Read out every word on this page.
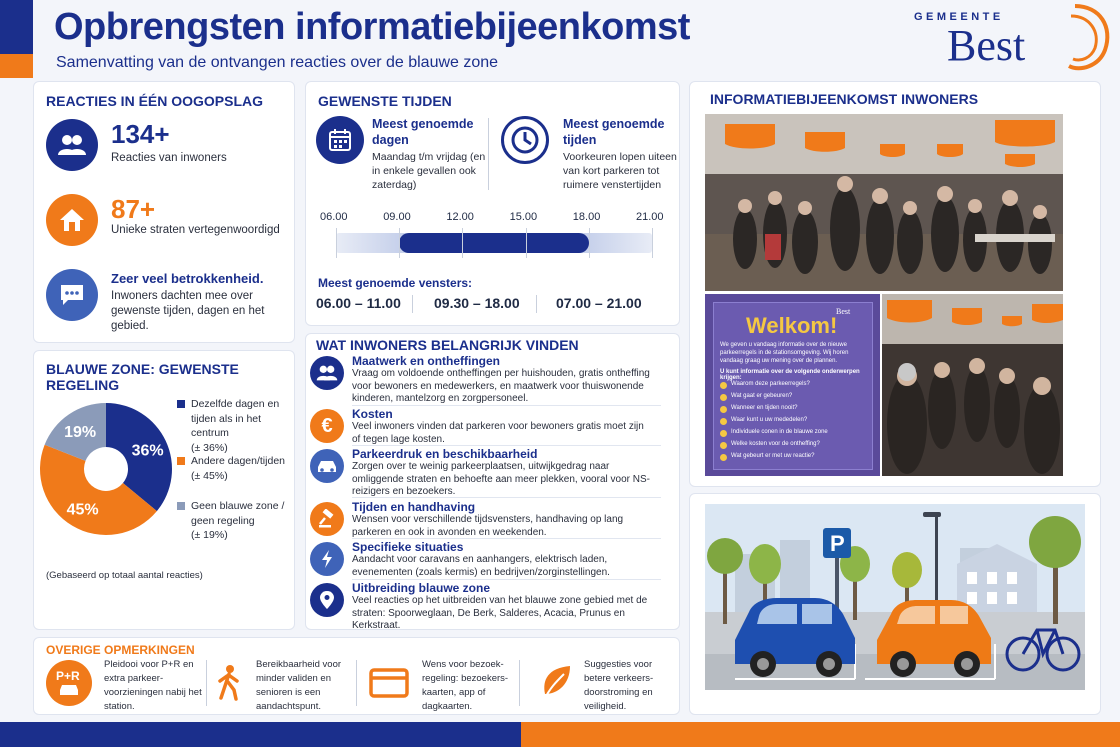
Opbrengsten informatiebijeenkomst
Samenvatting van de ontvangen reacties over de blauwe zone
GEMEENTE
Best
REACTIES IN ÉÉN OOGOPSLAG
134+
Reacties van inwoners
87+
Unieke straten vertegenwoordigd
Zeer veel betrokkenheid.
Inwoners dachten mee over gewenste tijden, dagen en het gebied.
BLAUWE ZONE: GEWENSTE REGELING
36%
45%
19%
Dezelfde dagen en tijden als in het centrum
(± 36%)
Andere dagen/tijden
(± 45%)
Geen blauwe zone / geen regeling
(± 19%)
(Gebaseerd op totaal aantal reacties)
GEWENSTE TIJDEN
Meest genoemde dagen
Maandag t/m vrijdag (en in enkele gevallen ook zaterdag)
Meest genoemde tijden
Voorkeuren lopen uiteen van kort parkeren tot ruimere venstertijden
06.00	09.00	12.00	15.00	18.00	21.00
Meest genoemde vensters:
06.00 – 11.00 09.30 – 18.00	07.00 – 21.00
WAT INWONERS BELANGRIJK VINDEN
Maatwerk en ontheffingen
Vraag om voldoende ontheffingen per huishouden, gratis ontheffing voor bewoners en medewerkers, en maatwerk voor thuiswonende kinderen, mantelzorg en zorgpersoneel.
€
Kosten
Veel inwoners vinden dat parkeren voor bewoners gratis moet zijn of tegen lage kosten.
Parkeerdruk en beschikbaarheid
Zorgen over te weinig parkeerplaatsen, uitwijkgedrag naar omliggende straten en behoefte aan meer plekken, vooral voor NS-reizigers en bezoekers.
Tijden en handhaving
Wensen voor verschillende tijdsvensters, handhaving op lang parkeren en ook in avonden en weekenden.
Specifieke situaties
Aandacht voor caravans en aanhangers, elektrisch laden, evenementen (zoals kermis) en bedrijven/zorginstellingen.
Uitbreiding blauwe zone
Veel reacties op het uitbreiden van het blauwe zone gebied met de straten: Spoorweglaan, De Berk, Salderes, Acacia, Prunus en Kerkstraat.
OVERIGE OPMERKINGEN
P+R
Pleidooi voor P+R en extra parkeer-voorzieningen nabij het station.
Bereikbaarheid voor minder validen en senioren is een aandachtspunt.
Wens voor bezoek-regeling: bezoekers-kaarten, app of dagkaarten.
Suggesties voor betere verkeers-doorstroming en veiligheid.
INFORMATIEBIJEENKOMST INWONERS
Best
Welkom!
We geven u vandaag informatie over de nieuwe parkeerregels in de stationsomgeving. Wij horen vandaag graag uw mening over de plannen.
U kunt informatie over de volgende onderwerpen krijgen:
Waarom deze parkeerregels?
Wat gaat er gebeuren?
Wanneer en tijden nooit?
Waar kunt u uw mededelen?
Individuele conen in de blauwe zone
Welke kosten voor de ontheffing?
Wat gebeurt er met uw reactie?
P
